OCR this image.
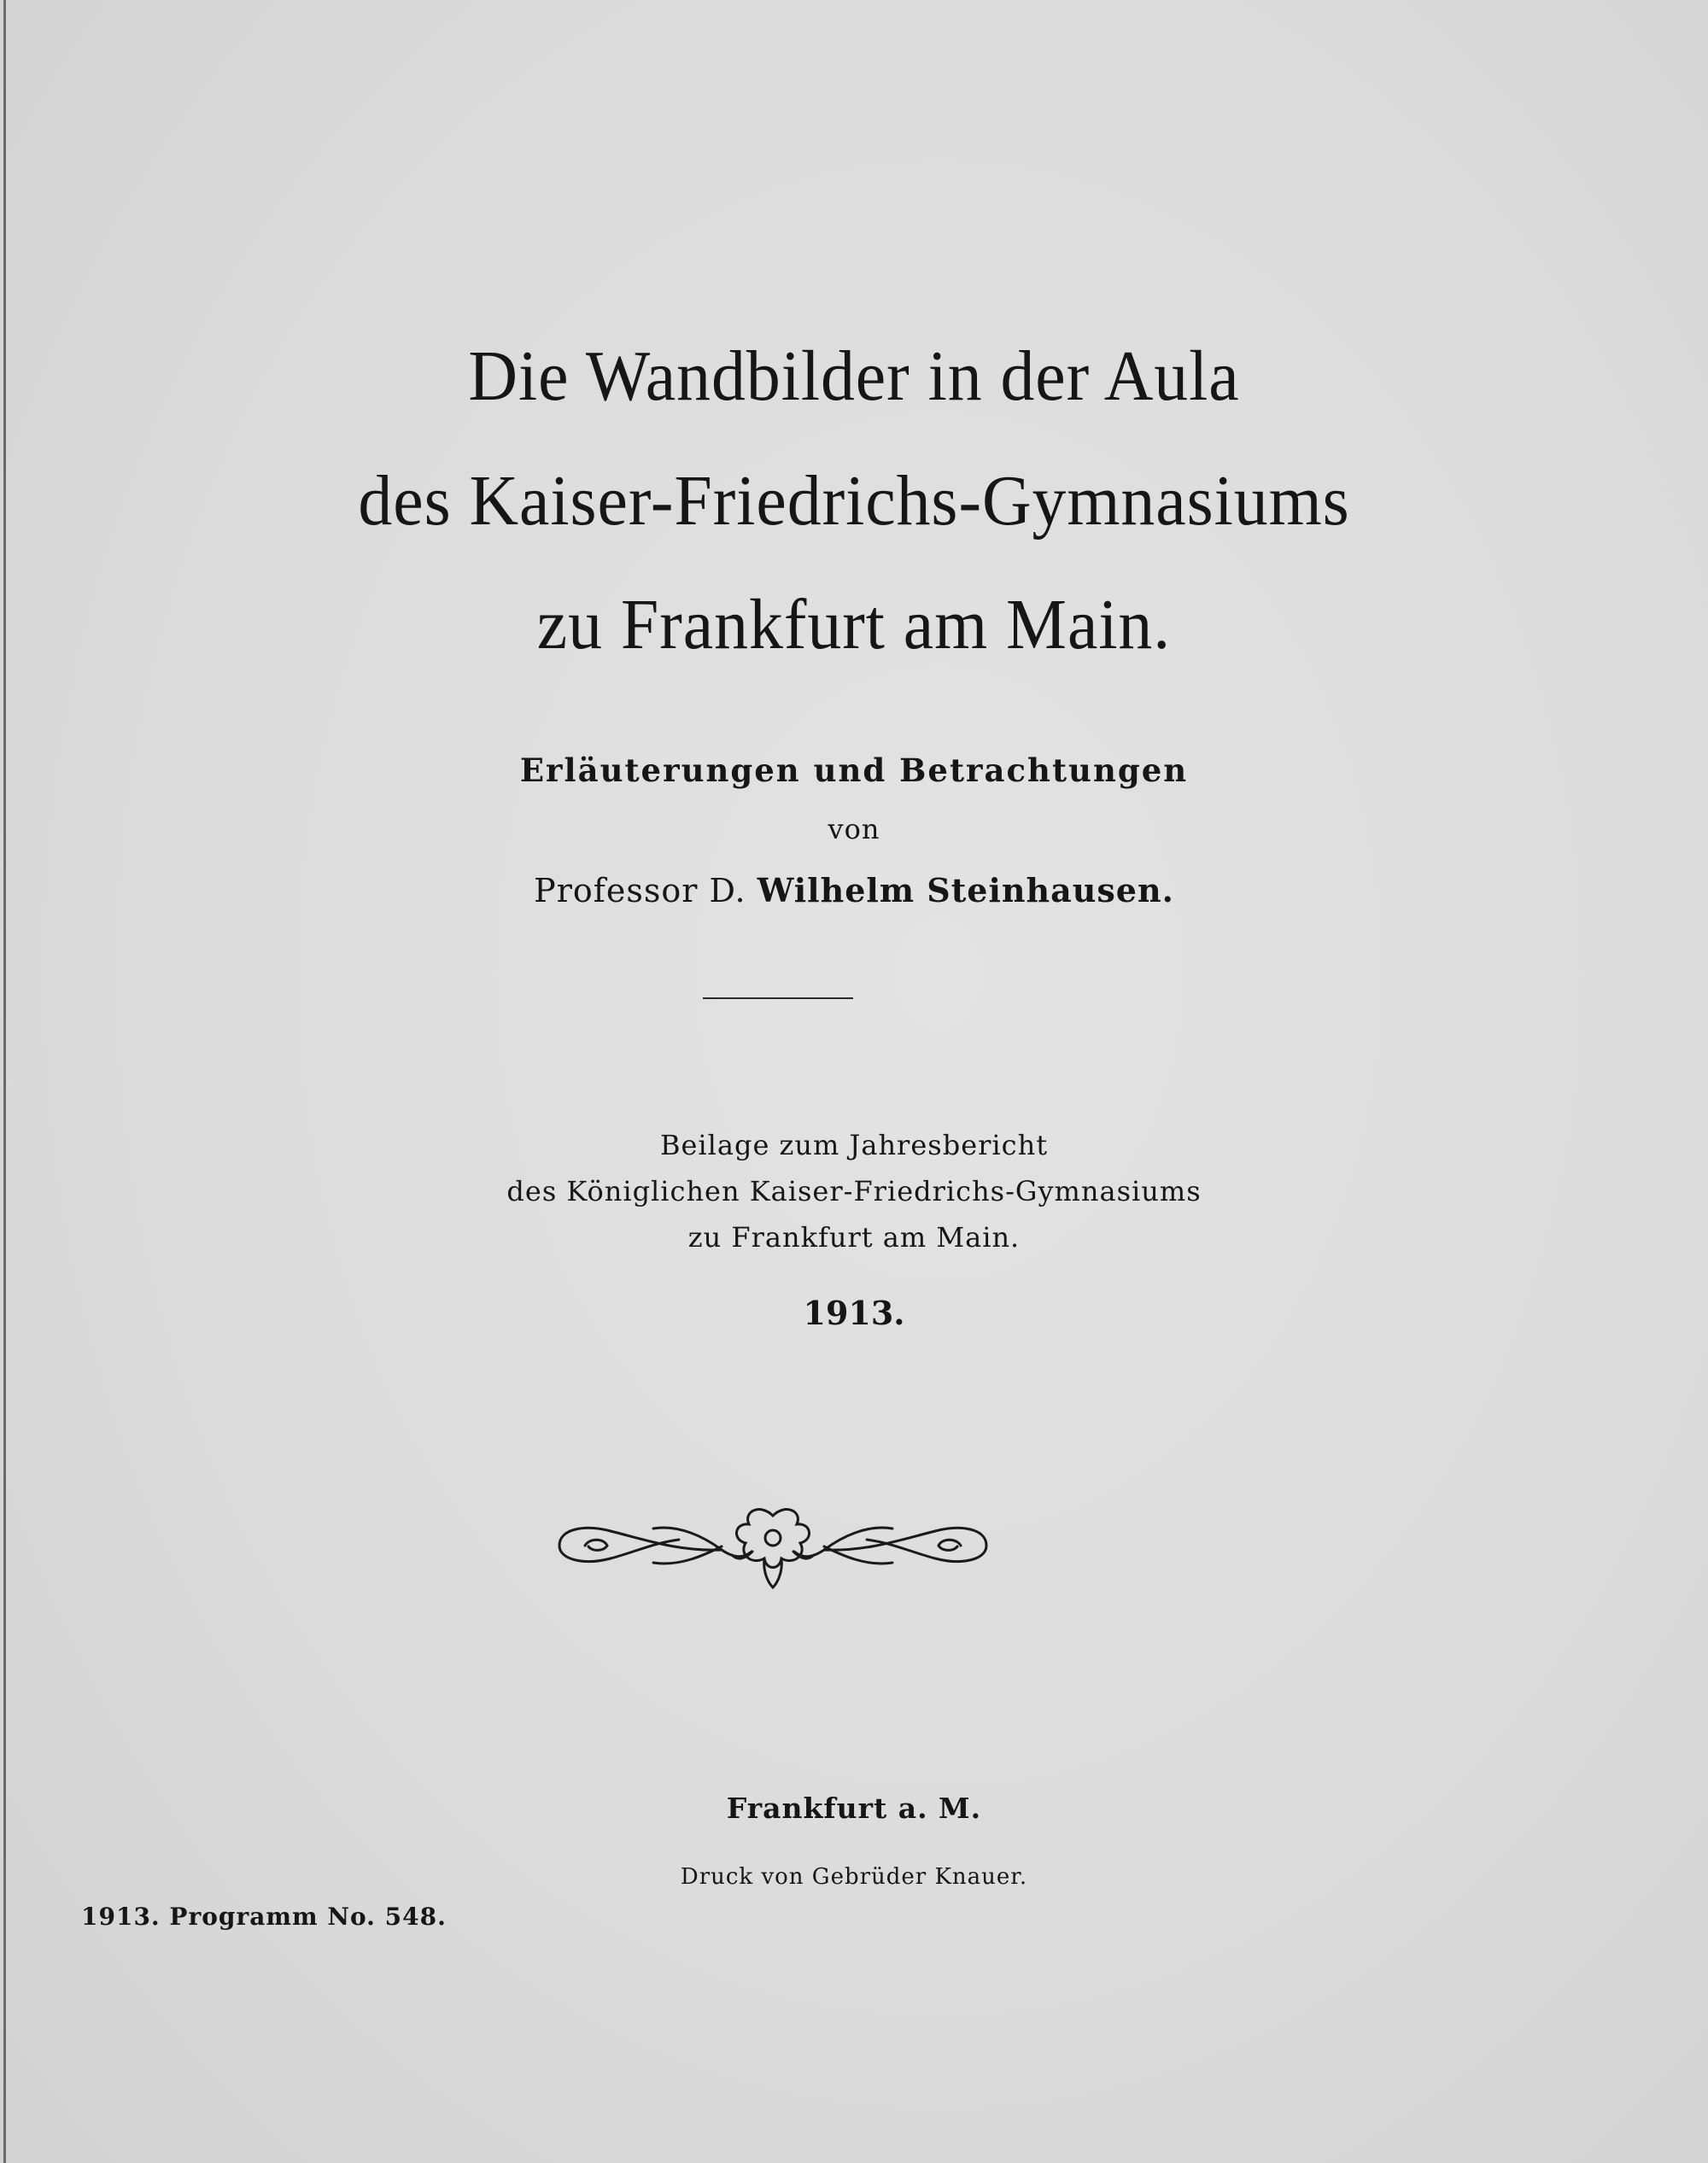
Die Wandbilder in der Aula
des Kaiser-Friedrichs-Gymnasiums
zu Frankfurt am Main.
Erläuterungen und Betrachtungen
von
Professor D. Wilhelm Steinhausen.
Beilage zum Jahresbericht
des Königlichen Kaiser-Friedrichs-Gymnasiums
zu Frankfurt am Main.
1913.
Frankfurt a. M.
Druck von Gebrüder Knauer.
1913. Programm No. 548.
